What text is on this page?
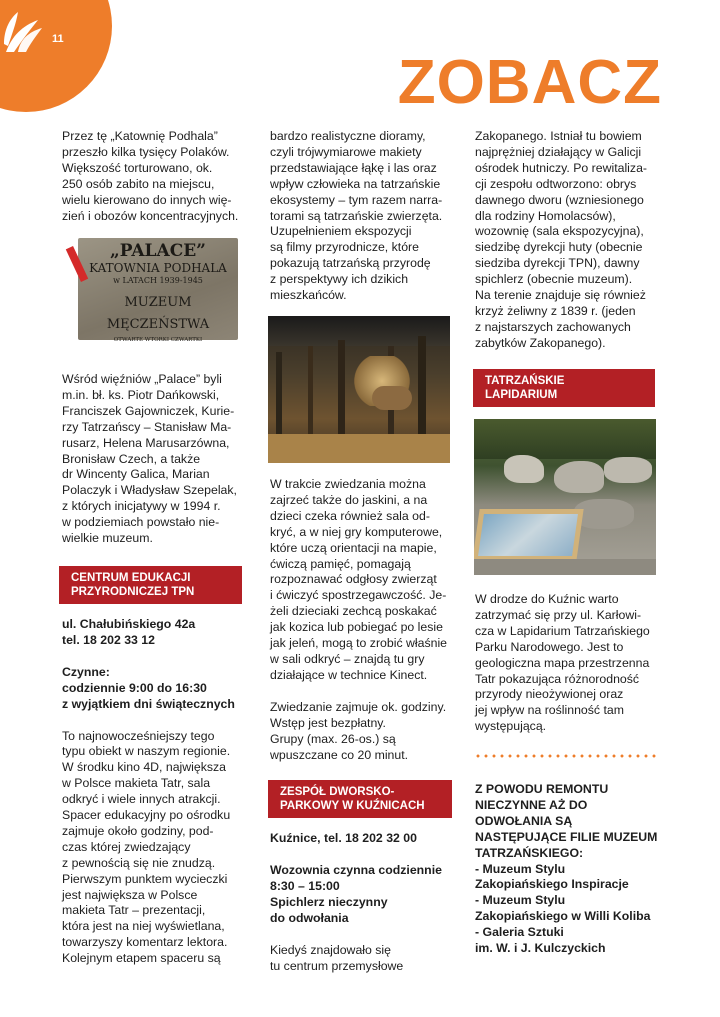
11
ZOBACZ

Przez tę „Katownię Podhala”
przeszło kilka tysięcy Polaków.
Większość torturowano, ok.
250 osób zabito na miejscu,
wielu kierowano do innych wię-
zień i obozów koncentracyjnych.

„PALACE”
KATOWNIA PODHALA
w LATACH 1939-1945
MUZEUM MĘCZEŃSTWA
OTWARTE WTORKI CZWARTKI

Wśród więźniów „Palace” byli
m.in. bł. ks. Piotr Dańkowski,
Franciszek Gajowniczek, Kurie-
rzy Tatrzańscy – Stanisław Ma-
rusarz, Helena Marusarzówna,
Bronisław Czech, a także
dr Wincenty Galica, Marian
Polaczyk i Władysław Szepelak,
z których inicjatywy w 1994 r.
w podziemiach powstało nie-
wielkie muzeum.

CENTRUM EDUKACJI
PRZYRODNICZEJ TPN

ul. Chałubińskiego 42a
tel. 18 202 33 12

Czynne:
codziennie 9:00 do 16:30
z wyjątkiem dni świątecznych

To najnowocześniejszy tego
typu obiekt w naszym regionie.
W środku kino 4D, największa
w Polsce makieta Tatr, sala
odkryć i wiele innych atrakcji.
Spacer edukacyjny po ośrodku
zajmuje około godziny, pod-
czas której zwiedzający
z pewnością się nie znudzą.
Pierwszym punktem wycieczki
jest największa w Polsce
makieta Tatr – prezentacji,
która jest na niej wyświetlana,
towarzyszy komentarz lektora.
Kolejnym etapem spaceru są

bardzo realistyczne dioramy,
czyli trójwymiarowe makiety
przedstawiające łąkę i las oraz
wpływ człowieka na tatrzańskie
ekosystemy – tym razem narra-
torami są tatrzańskie zwierzęta.
Uzupełnieniem ekspozycji
są filmy przyrodnicze, które
pokazują tatrzańską przyrodę
z perspektywy ich dzikich
mieszkańców.

W trakcie zwiedzania można
zajrzeć także do jaskini, a na
dzieci czeka również sala od-
kryć, a w niej gry komputerowe,
które uczą orientacji na mapie,
ćwiczą pamięć, pomagają
rozpoznawać odgłosy zwierząt
i ćwiczyć spostrzegawczość. Je-
żeli dzieciaki zechcą poskakać
jak kozica lub pobiegać po lesie
jak jeleń, mogą to zrobić właśnie
w sali odkryć – znajdą tu gry
działające w technice Kinect.

Zwiedzanie zajmuje ok. godziny.
Wstęp jest bezpłatny.
Grupy (max. 26-os.) są
wpuszczane co 20 minut.

ZESPÓŁ DWORSKO-
PARKOWY W KUŹNICACH

Kuźnice, tel. 18 202 32 00

Wozownia czynna codziennie
8:30 – 15:00
Spichlerz nieczynny
do odwołania

Kiedyś znajdowało się
tu centrum przemysłowe

Zakopanego. Istniał tu bowiem
najprężniej działający w Galicji
ośrodek hutniczy. Po rewitaliza-
cji zespołu odtworzono: obrys
dawnego dworu (wzniesionego
dla rodziny Homolacsów),
wozownię (sala ekspozycyjna),
siedzibę dyrekcji huty (obecnie
siedziba dyrekcji TPN), dawny
spichlerz (obecnie muzeum).
Na terenie znajduje się również
krzyż żeliwny z 1839 r. (jeden
z najstarszych zachowanych
zabytków Zakopanego).

TATRZAŃSKIE
LAPIDARIUM

W drodze do Kuźnic warto
zatrzymać się przy ul. Karłowi-
cza w Lapidarium Tatrzańskiego
Parku Narodowego. Jest to
geologiczna mapa przestrzenna
Tatr pokazująca różnorodność
przyrody nieożywionej oraz
jej wpływ na roślinność tam
występującą.

Z POWODU REMONTU
NIECZYNNE AŻ DO
ODWOŁANIA SĄ
NASTĘPUJĄCE FILIE MUZEUM
TATRZAŃSKIEGO:
- Muzeum Stylu
Zakopiańskiego Inspiracje
- Muzeum Stylu
Zakopiańskiego w Willi Koliba
- Galeria Sztuki
im. W. i J. Kulczyckich
